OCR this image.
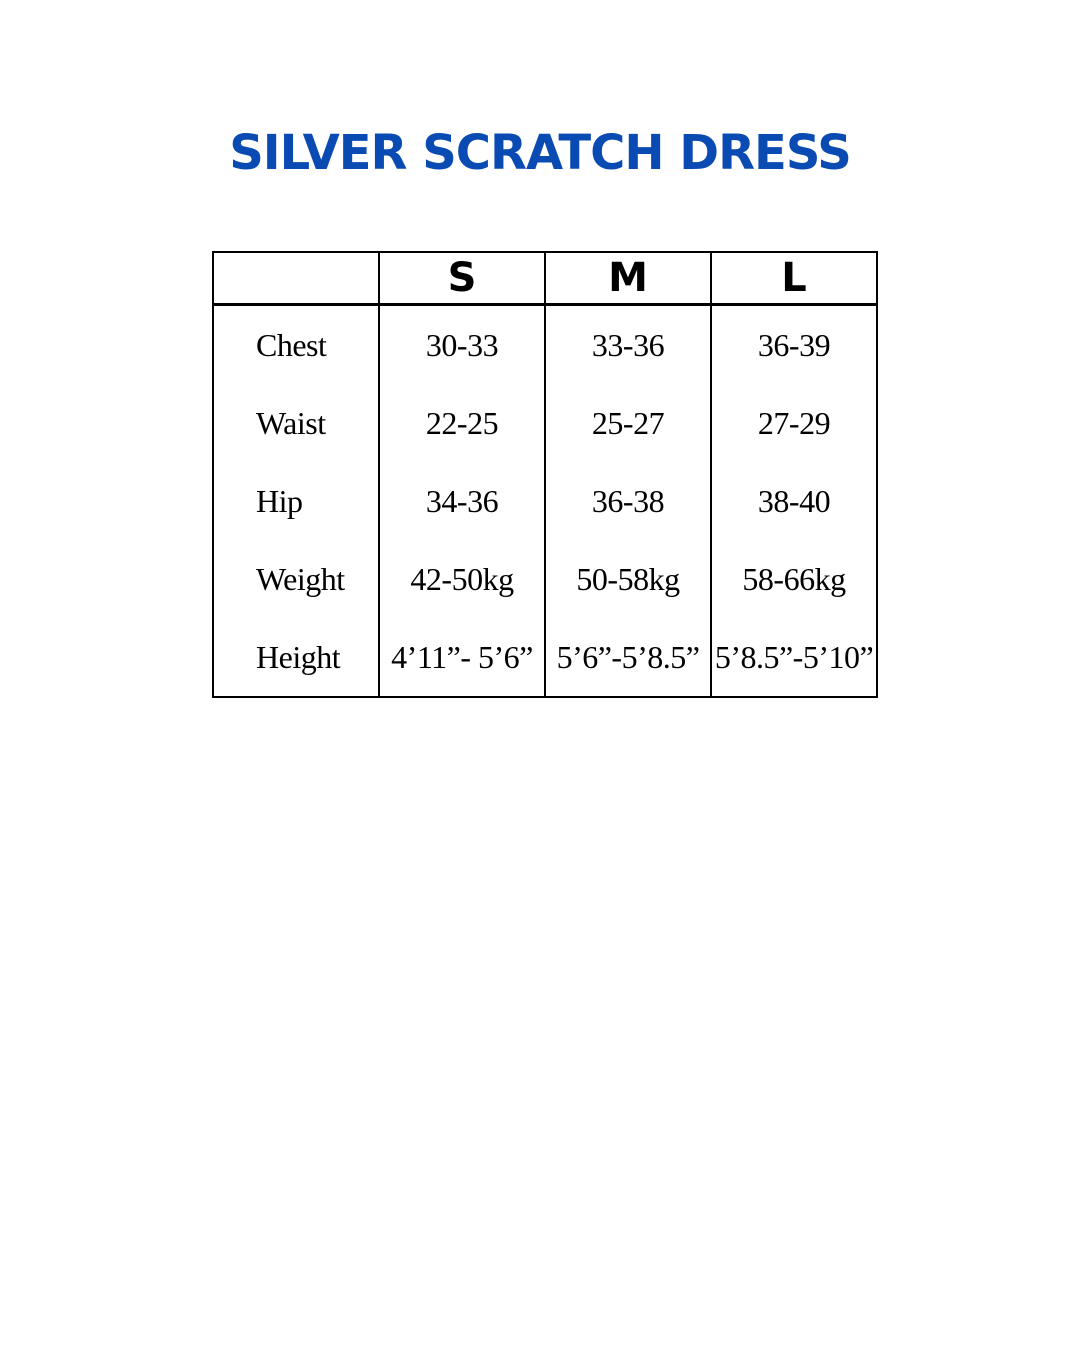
SILVER SCRATCH DRESS
	S	M	L
Chest	30-33	33-36	36-39
Waist	22-25	25-27	27-29
Hip	34-36	36-38	38-40
Weight	42-50kg	50-58kg	58-66kg
Height	4’11”- 5’6”	5’6”-5’8.5”	5’8.5”-5’10”
